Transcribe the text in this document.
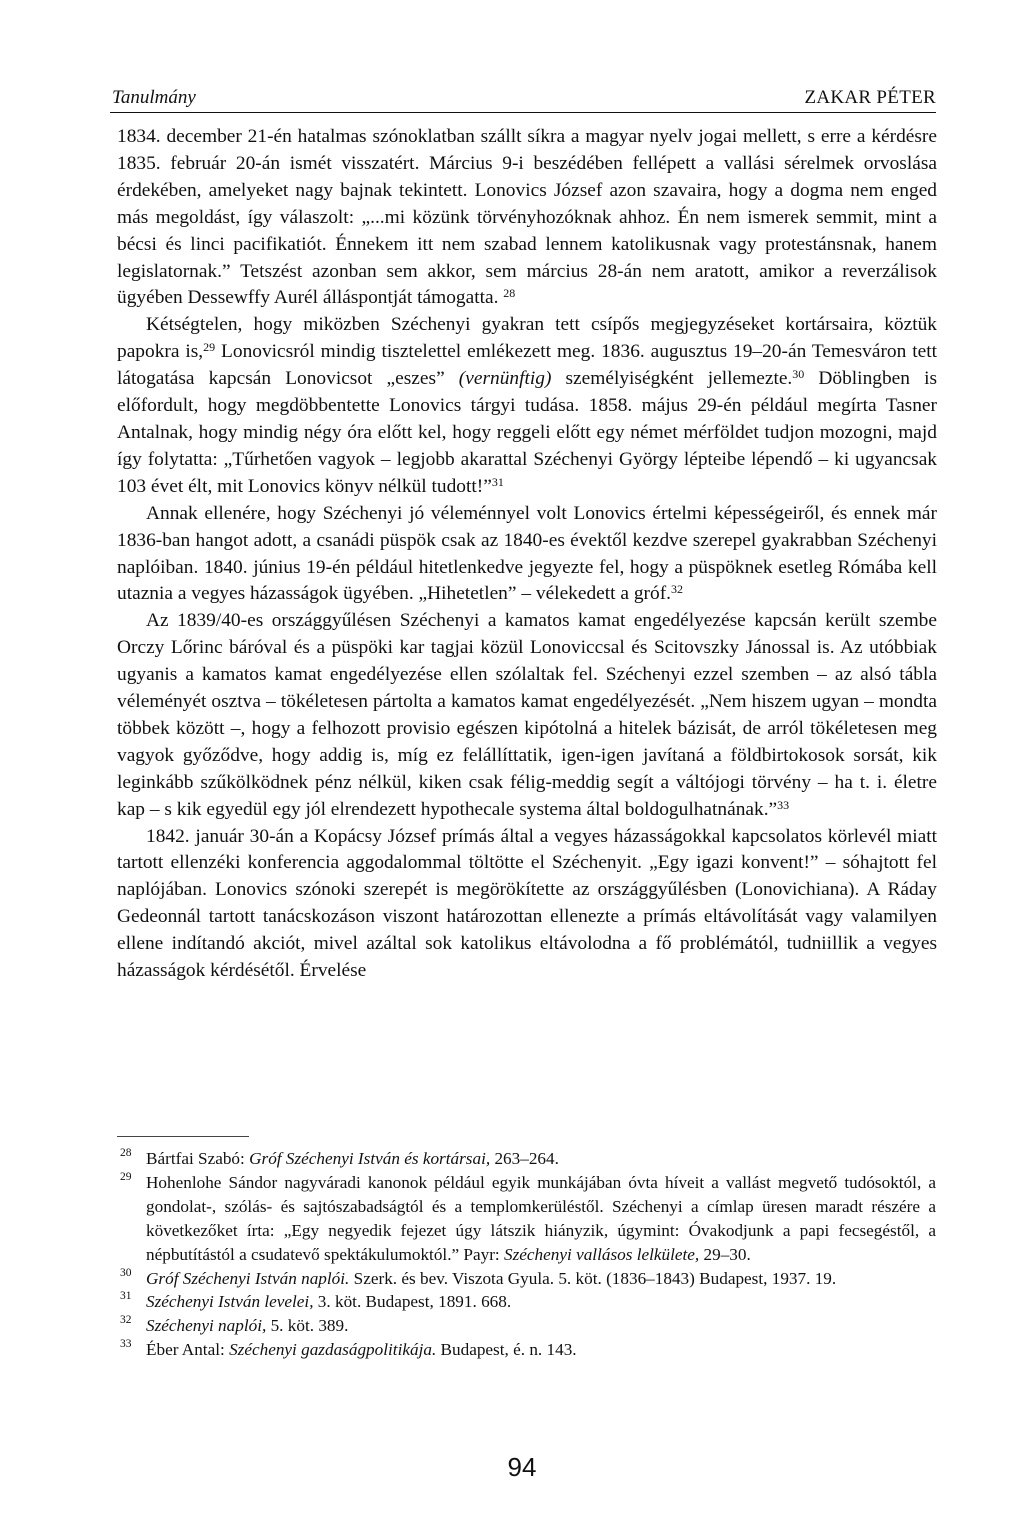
Tanulmány	ZAKAR PÉTER

1834. december 21-én hatalmas szónoklatban szállt síkra a magyar nyelv jogai mellett, s erre a kérdésre 1835. február 20-án ismét visszatért. Március 9-i beszédében fellépett a vallási sérelmek orvoslása érdekében, amelyeket nagy bajnak tekintett. Lonovics József azon szavaira, hogy a dogma nem enged más megoldást, így válaszolt: „...mi közünk törvényhozóknak ahhoz. Én nem ismerek semmit, mint a bécsi és linci pacifikatiót. Énnekem itt nem szabad lennem katolikusnak vagy protestánsnak, hanem legislatornak.” Tetszést azonban sem akkor, sem március 28-án nem aratott, amikor a reverzálisok ügyében Dessewffy Aurél álláspontját támogatta. $^{28}$

Kétségtelen, hogy miközben Széchenyi gyakran tett csípős megjegyzéseket kortársaira, köztük papokra is,$^{29}$ Lonovicsról mindig tisztelettel emlékezett meg. 1836. augusztus 19–20-án Temesváron tett látogatása kapcsán Lonovicsot „eszes” (vernünftig) személyiségként jellemezte.$^{30}$ Döblingben is előfordult, hogy megdöbbentette Lonovics tárgyi tudása. 1858. május 29-én például megírta Tasner Antalnak, hogy mindig négy óra előtt kel, hogy reggeli előtt egy német mérföldet tudjon mozogni, majd így folytatta: „Tűrhetően vagyok – legjobb akarattal Széchenyi György lépteibe lépendő – ki ugyancsak 103 évet élt, mit Lonovics könyv nélkül tudott!”$^{31}$

Annak ellenére, hogy Széchenyi jó véleménnyel volt Lonovics értelmi képességeiről, és ennek már 1836-ban hangot adott, a csanádi püspök csak az 1840-es évektől kezdve szerepel gyakrabban Széchenyi naplóiban. 1840. június 19-én például hitetlenkedve jegyezte fel, hogy a püspöknek esetleg Rómába kell utaznia a vegyes házasságok ügyében. „Hihetetlen” – vélekedett a gróf.$^{32}$

Az 1839/40-es országgyűlésen Széchenyi a kamatos kamat engedélyezése kapcsán került szembe Orczy Lőrinc báróval és a püspöki kar tagjai közül Lonoviccsal és Scitovszky Jánossal is. Az utóbbiak ugyanis a kamatos kamat engedélyezése ellen szólaltak fel. Széchenyi ezzel szemben – az alsó tábla véleményét osztva – tökéletesen pártolta a kamatos kamat engedélyezését. „Nem hiszem ugyan – mondta többek között –, hogy a felhozott provisio egészen kipótolná a hitelek bázisát, de arról tökéletesen meg vagyok győződve, hogy addig is, míg ez felállíttatik, igen-igen javítaná a földbirtokosok sorsát, kik leginkább szűkölködnek pénz nélkül, kiken csak félig-meddig segít a váltójogi törvény – ha t. i. életre kap – s kik egyedül egy jól elrendezett hypothecale systema által boldogulhatnának.”$^{33}$

1842. január 30-án a Kopácsy József prímás által a vegyes házasságokkal kapcsolatos körlevél miatt tartott ellenzéki konferencia aggodalommal töltötte el Széchenyit. „Egy igazi konvent!” – sóhajtott fel naplójában. Lonovics szónoki szerepét is megörökítette az országgyűlésben (Lonovichiana). A Ráday Gedeonnál tartott tanácskozáson viszont határozottan ellenezte a prímás eltávolítását vagy valamilyen ellene indítandó akciót, mivel azáltal sok katolikus eltávolodna a fő problémától, tudniillik a vegyes házasságok kérdésétől. Érvelése

28 Bártfai Szabó: Gróf Széchenyi István és kortársai, 263–264.

29 Hohenlohe Sándor nagyváradi kanonok például egyik munkájában óvta híveit a vallást megvető tudósoktól, a gondolat-, szólás- és sajtószabadságtól és a templomkerüléstől. Széchenyi a címlap üresen maradt részére a következőket írta: „Egy negyedik fejezet úgy látszik hiányzik, úgymint: Óvakodjunk a papi fecsegéstől, a népbutítástól a csudatevő spektákulumoktól.” Payr: Széchenyi vallásos lelkülete, 29–30.

30 Gróf Széchenyi István naplói. Szerk. és bev. Viszota Gyula. 5. köt. (1836–1843) Budapest, 1937. 19.

31 Széchenyi István levelei, 3. köt. Budapest, 1891. 668.

32 Széchenyi naplói, 5. köt. 389.

33 Éber Antal: Széchenyi gazdaságpolitikája. Budapest, é. n. 143.

94
